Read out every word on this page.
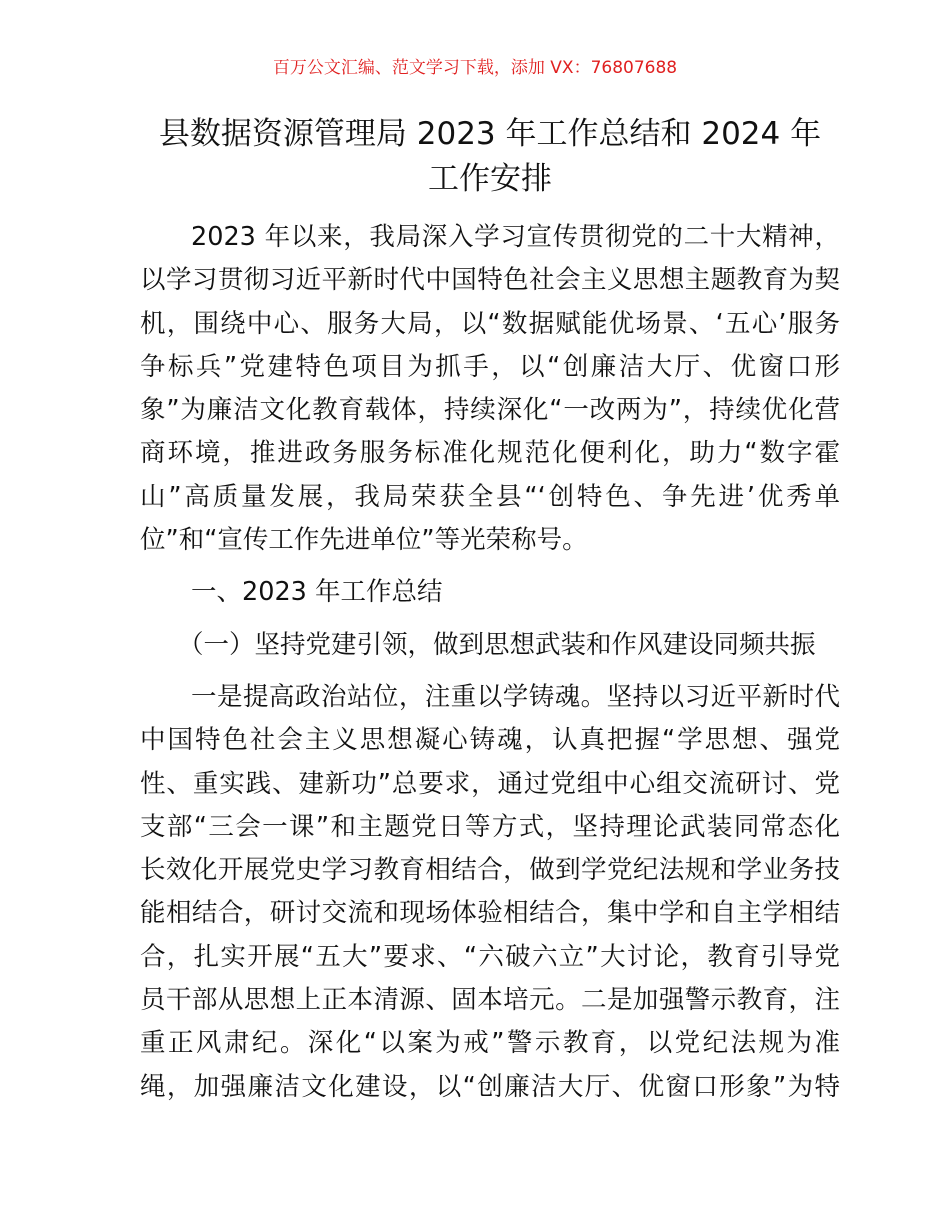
百万公文汇编、范文学习下载，添加 VX：76807688
县数据资源管理局 2023 年工作总结和 2024 年
工作安排
2023 年以来，我局深入学习宣传贯彻党的二十大精神，
以学习贯彻习近平新时代中国特色社会主义思想主题教育为契
机，围绕中心、服务大局，以“数据赋能优场景、‘五心’服务
争标兵”党建特色项目为抓手，以“创廉洁大厅、优窗口形
象”为廉洁文化教育载体，持续深化“一改两为”，持续优化营
商环境，推进政务服务标准化规范化便利化，助力“数字霍
山”高质量发展，我局荣获全县“‘创特色、争先进’优秀单
位”和“宣传工作先进单位”等光荣称号。
一、2023 年工作总结
（一）坚持党建引领，做到思想武装和作风建设同频共振
一是提高政治站位，注重以学铸魂。坚持以习近平新时代
中国特色社会主义思想凝心铸魂，认真把握“学思想、强党
性、重实践、建新功”总要求，通过党组中心组交流研讨、党
支部“三会一课”和主题党日等方式，坚持理论武装同常态化
长效化开展党史学习教育相结合，做到学党纪法规和学业务技
能相结合，研讨交流和现场体验相结合，集中学和自主学相结
合，扎实开展“五大”要求、“六破六立”大讨论，教育引导党
员干部从思想上正本清源、固本培元。二是加强警示教育，注
重正风肃纪。深化“以案为戒”警示教育，以党纪法规为准
绳，加强廉洁文化建设，以“创廉洁大厅、优窗口形象”为特
